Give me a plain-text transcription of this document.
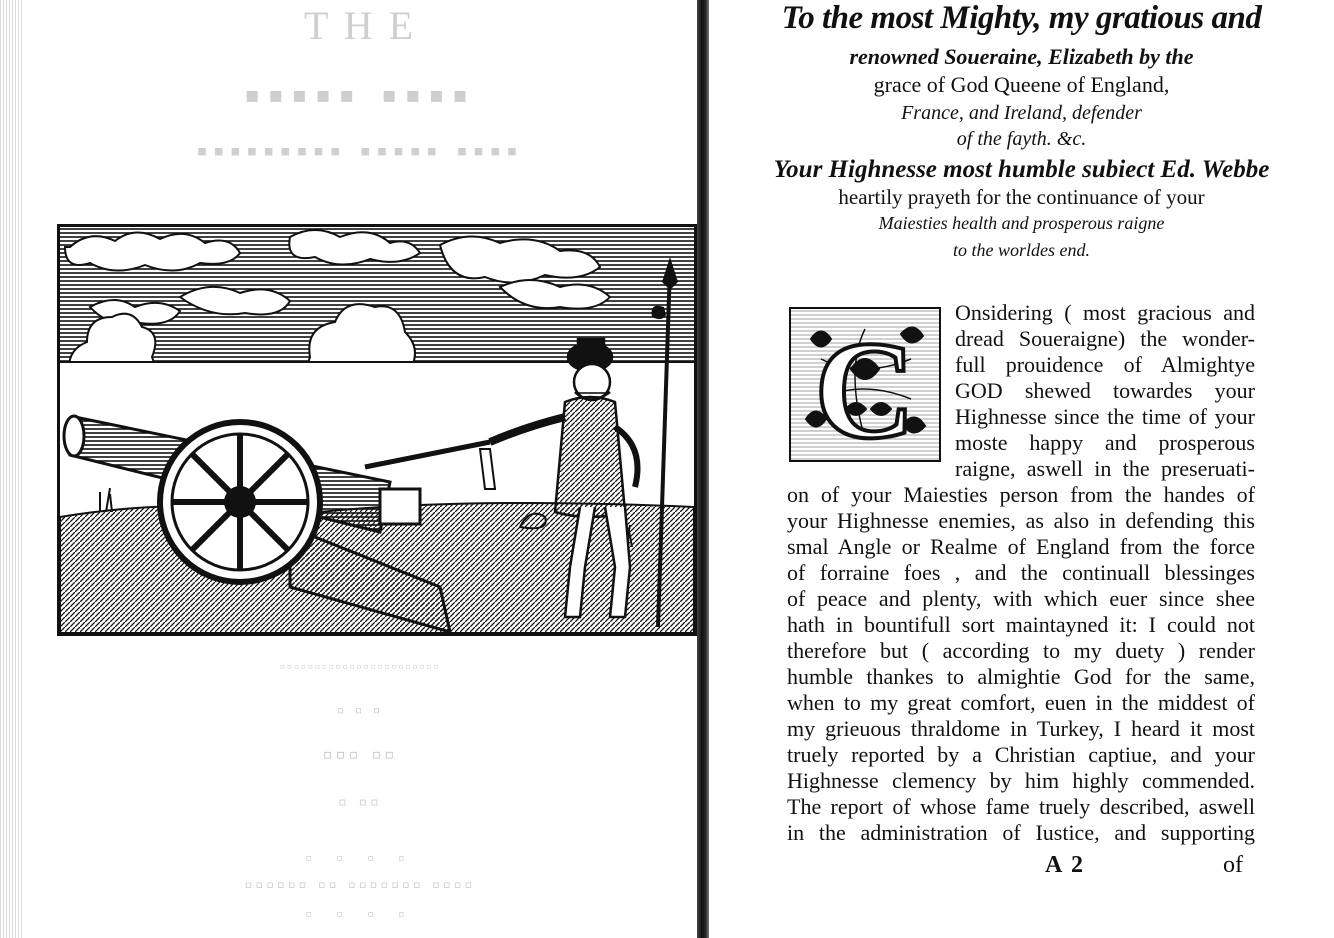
T H E
▪▪▪▪▪ ▪▪▪▪
▪▪▪▪▪▪▪▪▪ ▪▪▪▪▪ ▪▪▪▪
▫▫▫▫▫▫▫▫▫▫▫▫▫▫▫▫▫▫▫▫▫▫▫
▫ ▫ ▫
▫▫▫ ▫▫
▫ ▫▫
▫ ▫ ▫ ▫
▫▫▫▫▫▫ ▫▫ ▫▫▫▫▫▫▫ ▫▫▫▫
▫ ▫ ▫ ▫
To the most Mighty, my gratious and
renowned Soueraine, Elizabeth by the
grace of God Queene of England,
France, and Ireland, defender
of the fayth. &c.
Your Highnesse most humble subiect Ed. Webbe
heartily prayeth for the continuance of your
Maiesties health and prosperous raigne
to the worldes end.
C
Onsidering ( most gracious and
dread Soueraigne) the wonder-
full prouidence of Almightye
GOD shewed towardes your
Highnesse since the time of your
moste happy and prosperous
raigne, aswell in the preseruati-
on of your Maiesties person from the handes of
your Highnesse enemies, as also in defending this
smal Angle or Realme of England from the force
of forraine foes , and the continuall blessinges
of peace and plenty, with which euer since shee
hath in bountifull sort maintayned it: I could not
therefore but ( according to my duety ) render
humble thankes to almightie God for the same,
when to my great comfort, euen in the middest of
my grieuous thraldome in Turkey, I heard it most
truely reported by a Christian captiue, and your
Highnesse clemency by him highly commended.
The report of whose fame truely described, aswell
in the administration of Iustice, and supporting
A 2	of
